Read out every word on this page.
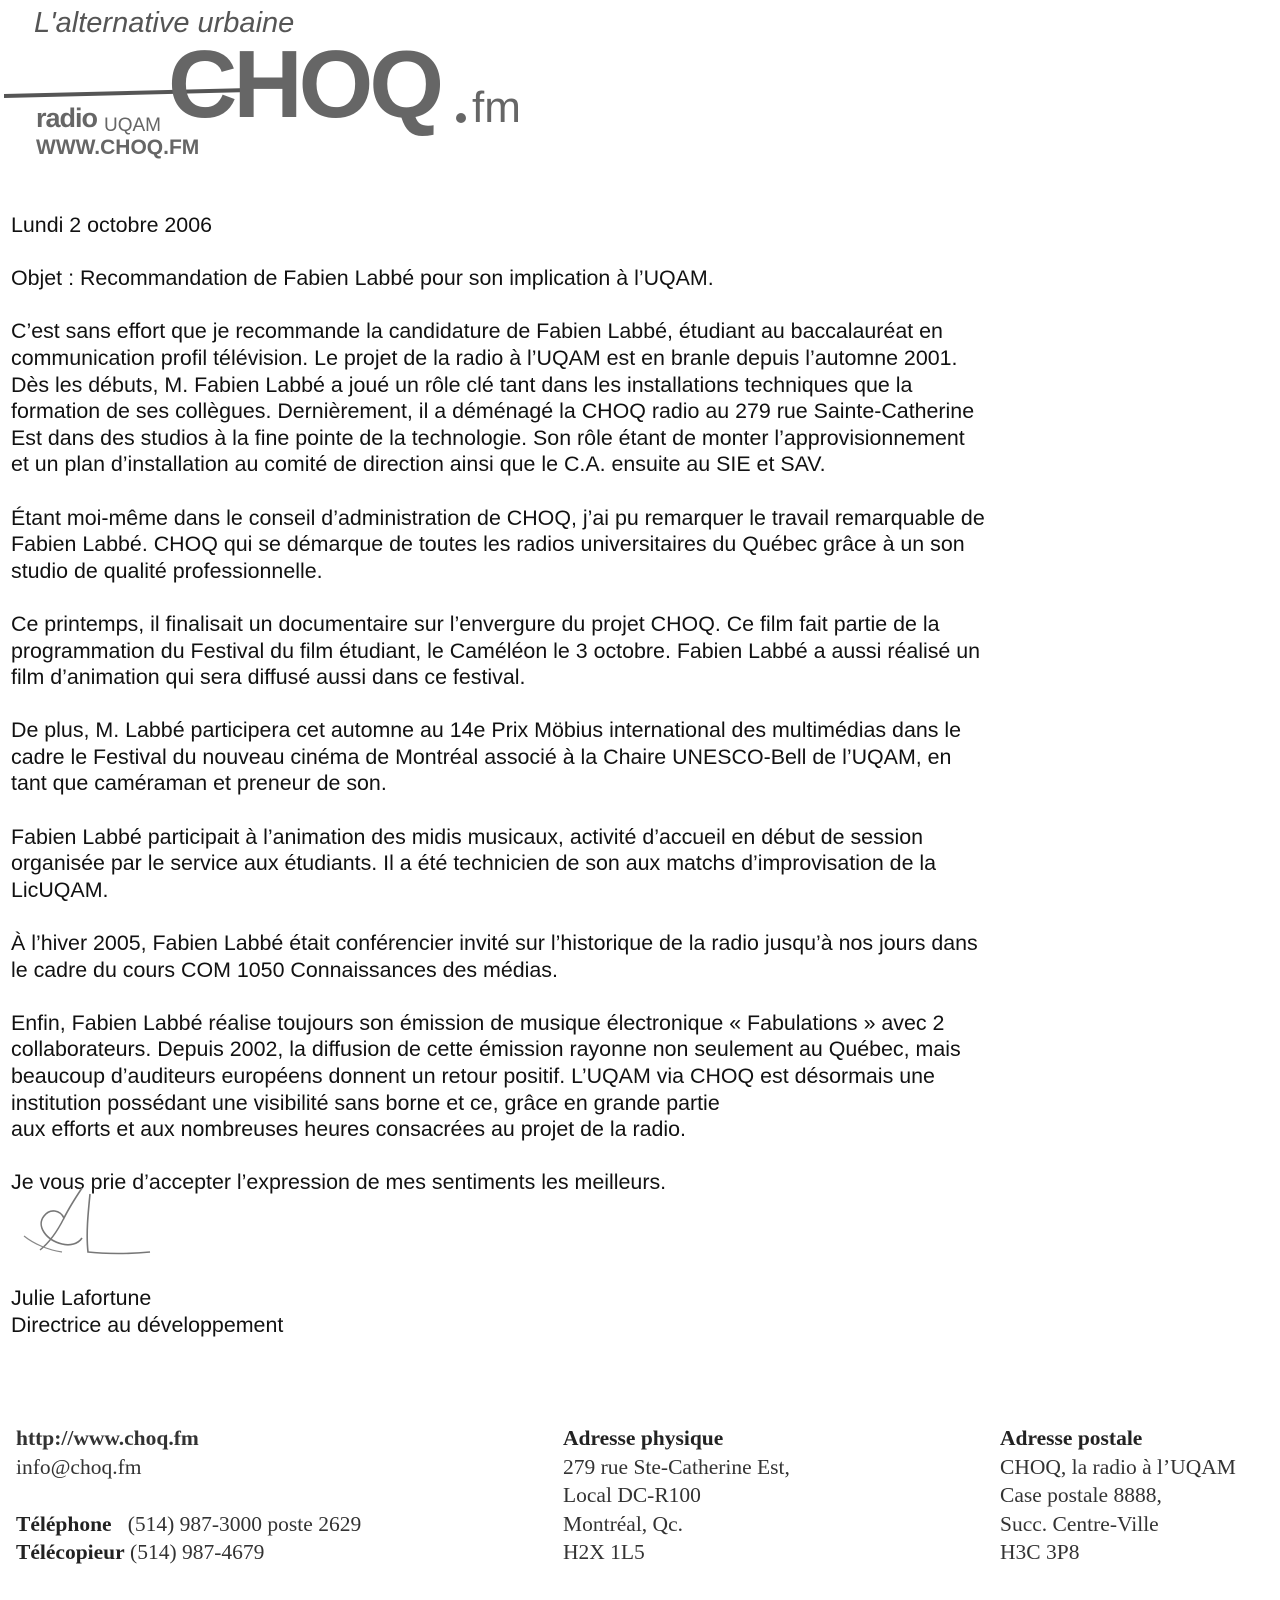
L'alternative urbaine
CHOQ fm
radio UQAM
WWW.CHOQ.FM

Lundi 2 octobre 2006

Objet : Recommandation de Fabien Labbé pour son implication à l’UQAM.

C’est sans effort que je recommande la candidature de Fabien Labbé, étudiant au baccalauréat en
communication profil télévision. Le projet de la radio à l’UQAM est en branle depuis l’automne 2001.
Dès les débuts, M. Fabien Labbé a joué un rôle clé tant dans les installations techniques que la
formation de ses collègues. Dernièrement, il a déménagé la CHOQ radio au 279 rue Sainte-Catherine
Est dans des studios à la fine pointe de la technologie. Son rôle étant de monter l’approvisionnement
et un plan d’installation au comité de direction ainsi que le C.A. ensuite au SIE et SAV.

Étant moi-même dans le conseil d’administration de CHOQ, j’ai pu remarquer le travail remarquable de
Fabien Labbé. CHOQ qui se démarque de toutes les radios universitaires du Québec grâce à un son
studio de qualité professionnelle.

Ce printemps, il finalisait un documentaire sur l’envergure du projet CHOQ. Ce film fait partie de la
programmation du Festival du film étudiant, le Caméléon le 3 octobre. Fabien Labbé a aussi réalisé un
film d’animation qui sera diffusé aussi dans ce festival.

De plus, M. Labbé participera cet automne au 14e Prix Möbius international des multimédias dans le
cadre le Festival du nouveau cinéma de Montréal associé à la Chaire UNESCO-Bell de l’UQAM, en
tant que caméraman et preneur de son.

Fabien Labbé participait à l’animation des midis musicaux, activité d’accueil en début de session
organisée par le service aux étudiants. Il a été technicien de son aux matchs d’improvisation de la
LicUQAM.

À l’hiver 2005, Fabien Labbé était conférencier invité sur l’historique de la radio jusqu’à nos jours dans
le cadre du cours COM 1050 Connaissances des médias.

Enfin, Fabien Labbé réalise toujours son émission de musique électronique « Fabulations » avec 2
collaborateurs. Depuis 2002, la diffusion de cette émission rayonne non seulement au Québec, mais
beaucoup d’auditeurs européens donnent un retour positif. L’UQAM via CHOQ est désormais une
institution possédant une visibilité sans borne et ce, grâce en grande partie
aux efforts et aux nombreuses heures consacrées au projet de la radio.

Je vous prie d’accepter l’expression de mes sentiments les meilleurs.

Julie Lafortune
Directrice au développement
http://www.choq.fm
info@choq.fm
Téléphone (514) 987-3000 poste 2629
Télécopieur (514) 987-4679
Adresse physique
279 rue Ste-Catherine Est,
Local DC-R100
Montréal, Qc.
H2X 1L5
Adresse postale
CHOQ, la radio à l’UQAM
Case postale 8888,
Succ. Centre-Ville
H3C 3P8
